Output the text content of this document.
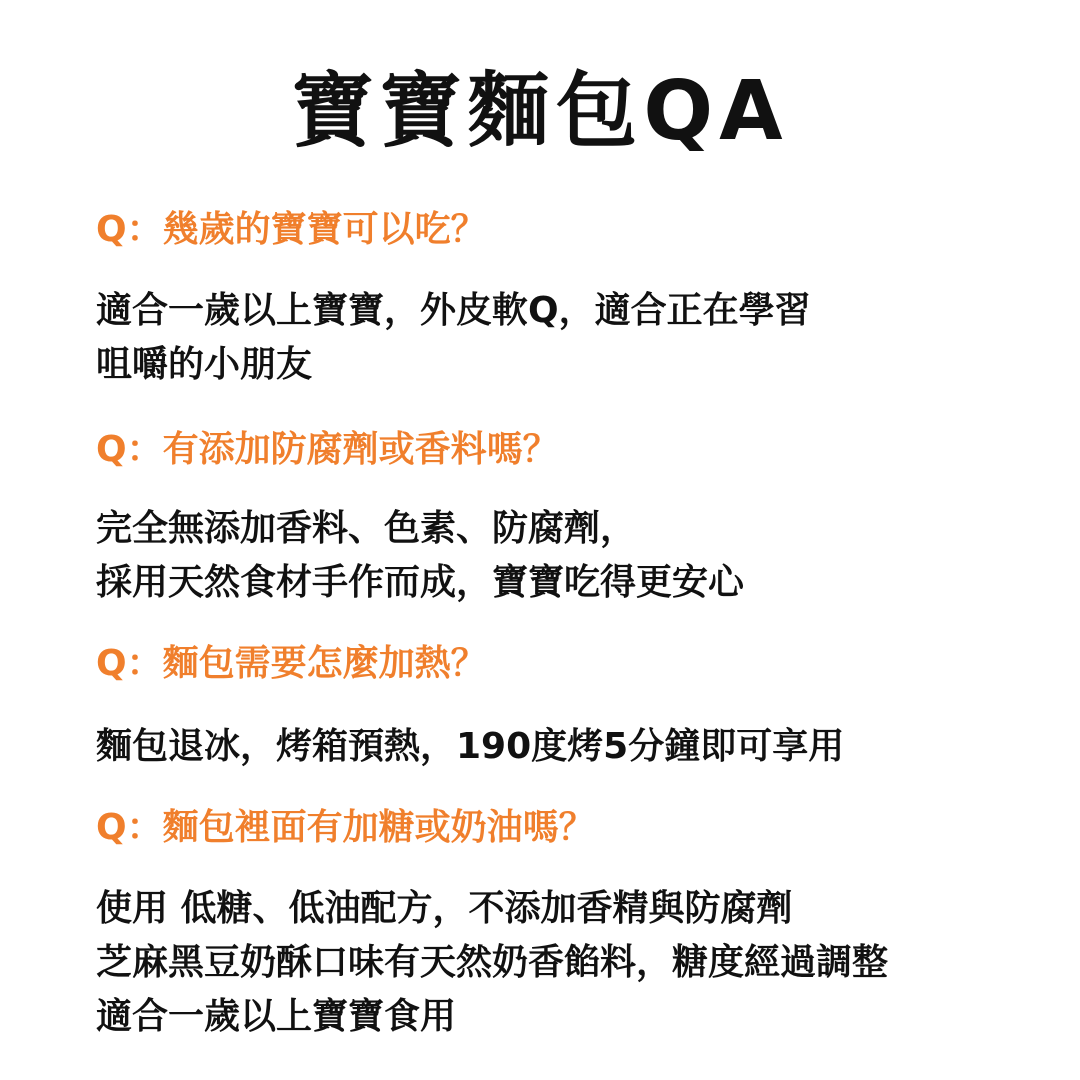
寶寶麵包QA

Q：幾歲的寶寶可以吃？

適合一歲以上寶寶，外皮軟Q，適合正在學習
咀嚼的小朋友

Q：有添加防腐劑或香料嗎？

完全無添加香料、色素、防腐劑，
採用天然食材手作而成，寶寶吃得更安心

Q：麵包需要怎麼加熱？

麵包退冰，烤箱預熱，190度烤5分鐘即可享用

Q：麵包裡面有加糖或奶油嗎？

使用 低糖、低油配方，不添加香精與防腐劑
芝麻黑豆奶酥口味有天然奶香餡料，糖度經過調整
適合一歲以上寶寶食用
